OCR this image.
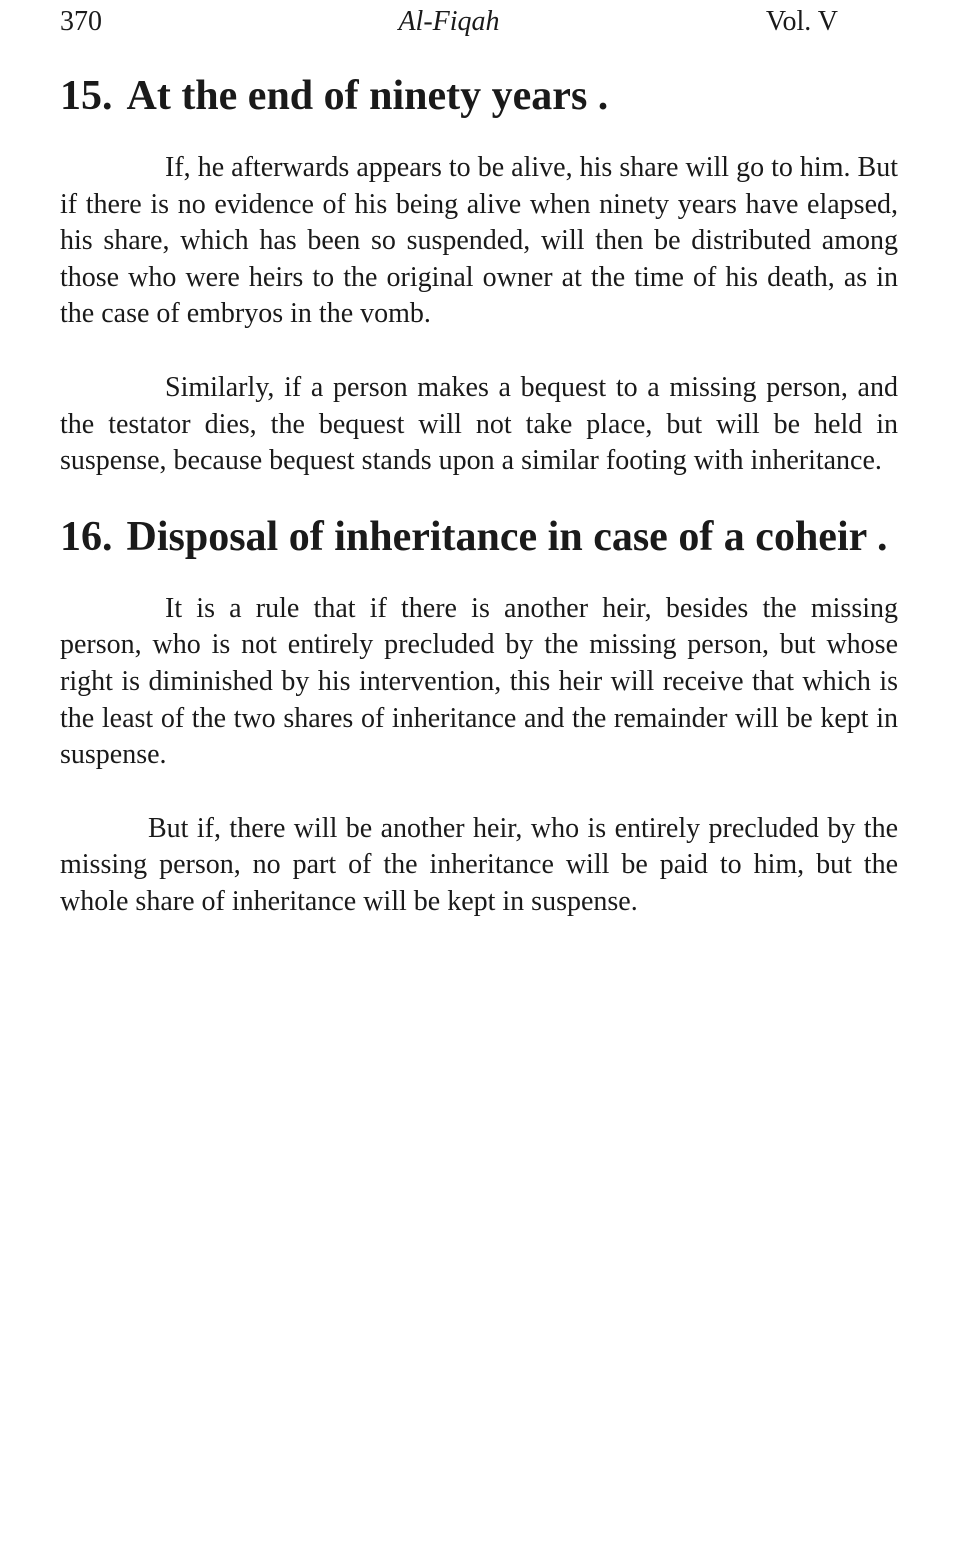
370	Al-Fiqah	Vol. V
15. At the end of ninety years .

If, he afterwards appears to be alive, his share will go to him. But if there is no evidence of his being alive when ninety years have elapsed, his share, which has been so suspended, will then be distributed among those who were heirs to the original owner at the time of his death, as in the case of embryos in the vomb.

Similarly, if a person makes a bequest to a missing person, and the testator dies, the bequest will not take place, but will be held in suspense, because bequest stands upon a similar footing with inheritance.

16. Disposal of inheritance in case of a coheir .

It is a rule that if there is another heir, besides the missing person, who is not entirely precluded by the missing person, but whose right is diminished by his intervention, this heir will receive that which is the least of the two shares of inheritance and the remainder will be kept in suspense.

But if, there will be another heir, who is entirely precluded by the missing person, no part of the inheritance will be paid to him, but the whole share of inheritance will be kept in suspense.
